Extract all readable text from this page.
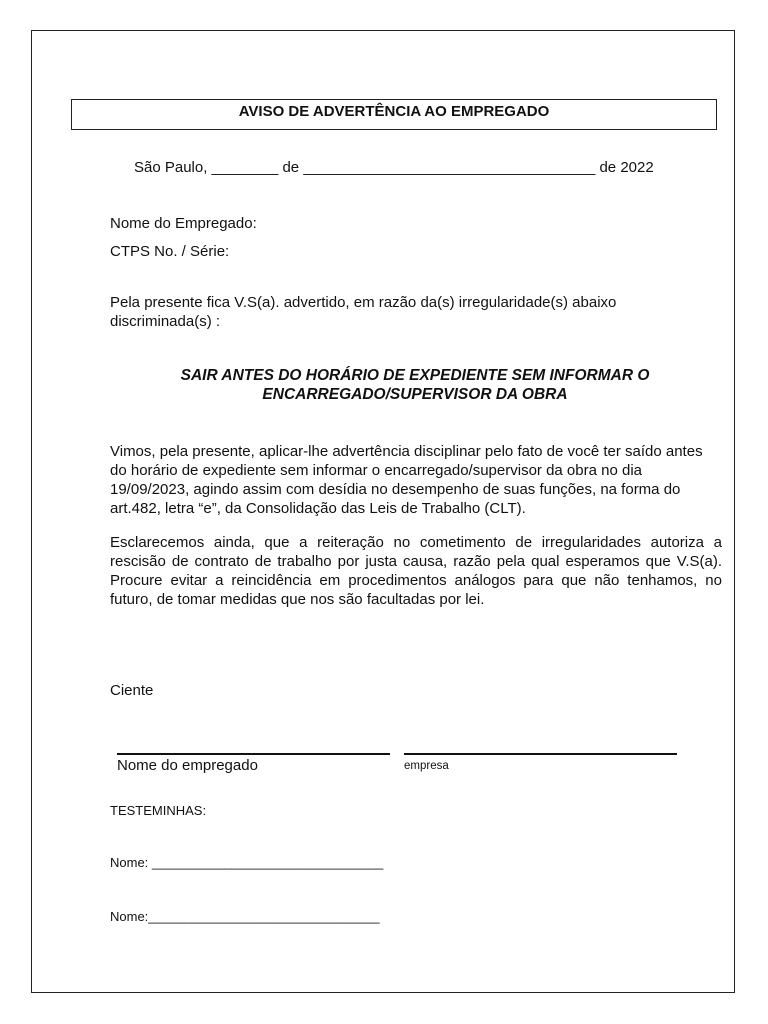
AVISO DE ADVERTÊNCIA AO EMPREGADO
São Paulo, ________ de ___________________________________ de 2022
Nome do Empregado:
CTPS No. / Série:
Pela presente fica V.S(a). advertido, em razão da(s) irregularidade(s) abaixo discriminada(s) :
SAIR ANTES DO HORÁRIO DE EXPEDIENTE SEM INFORMAR O ENCARREGADO/SUPERVISOR DA OBRA
Vimos, pela presente, aplicar-lhe advertência disciplinar pelo fato de você ter saído antes do horário de expediente sem informar o encarregado/supervisor da obra no dia 19/09/2023, agindo assim com desídia no desempenho de suas funções, na forma do art.482, letra “e”, da Consolidação das Leis de Trabalho (CLT).
Esclarecemos ainda, que a reiteração no cometimento de irregularidades autoriza a rescisão de contrato de trabalho por justa causa, razão pela qual esperamos que V.S(a). Procure evitar a reincidência em procedimentos análogos para que não tenhamos, no futuro, de tomar medidas que nos são facultadas por lei.
Ciente
Nome do empregado	empresa
TESTEMINHAS:
Nome: ________________________________
Nome:________________________________
